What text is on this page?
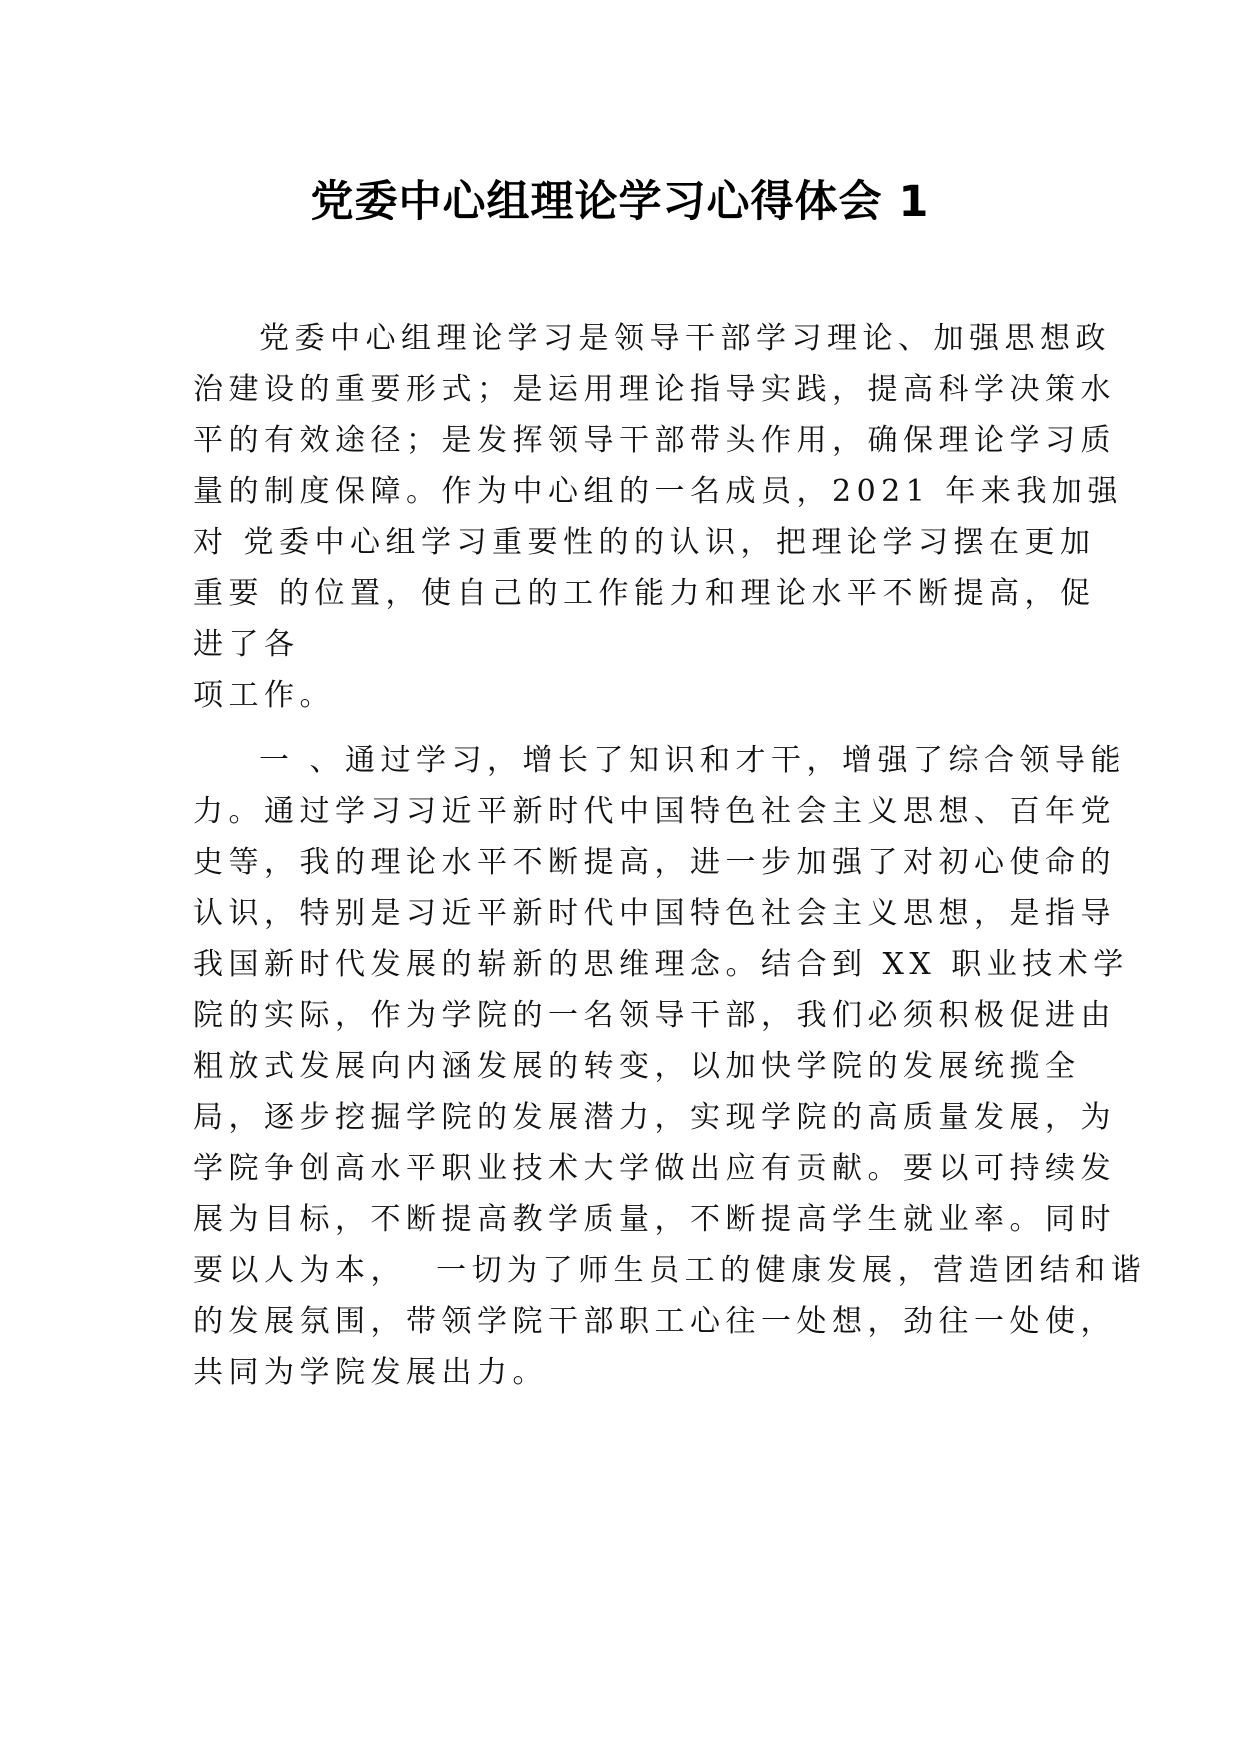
党委中心组理论学习心得体会 1
党委中心组理论学习是领导干部学习理论、加强思想政
治建设的重要形式；是运用理论指导实践，提高科学决策水
平的有效途径；是发挥领导干部带头作用，确保理论学习质
量的制度保障。作为中心组的一名成员，2021 年来我加强
对 党委中心组学习重要性的的认识，把理论学习摆在更加
重要 的位置，使自己的工作能力和理论水平不断提高，促
进了各
项工作。
一 、通过学习，增长了知识和才干，增强了综合领导能
力。通过学习习近平新时代中国特色社会主义思想、百年党
史等，我的理论水平不断提高，进一步加强了对初心使命的
认识，特别是习近平新时代中国特色社会主义思想，是指导
我国新时代发展的崭新的思维理念。结合到 XX 职业技术学
院的实际，作为学院的一名领导干部，我们必须积极促进由
粗放式发展向内涵发展的转变，以加快学院的发展统揽全
局，逐步挖掘学院的发展潜力，实现学院的高质量发展，为
学院争创高水平职业技术大学做出应有贡献。要以可持续发
展为目标，不断提高教学质量，不断提高学生就业率。同时
要以人为本，  一切为了师生员工的健康发展，营造团结和谐
的发展氛围，带领学院干部职工心往一处想，劲往一处使，
共同为学院发展出力。
